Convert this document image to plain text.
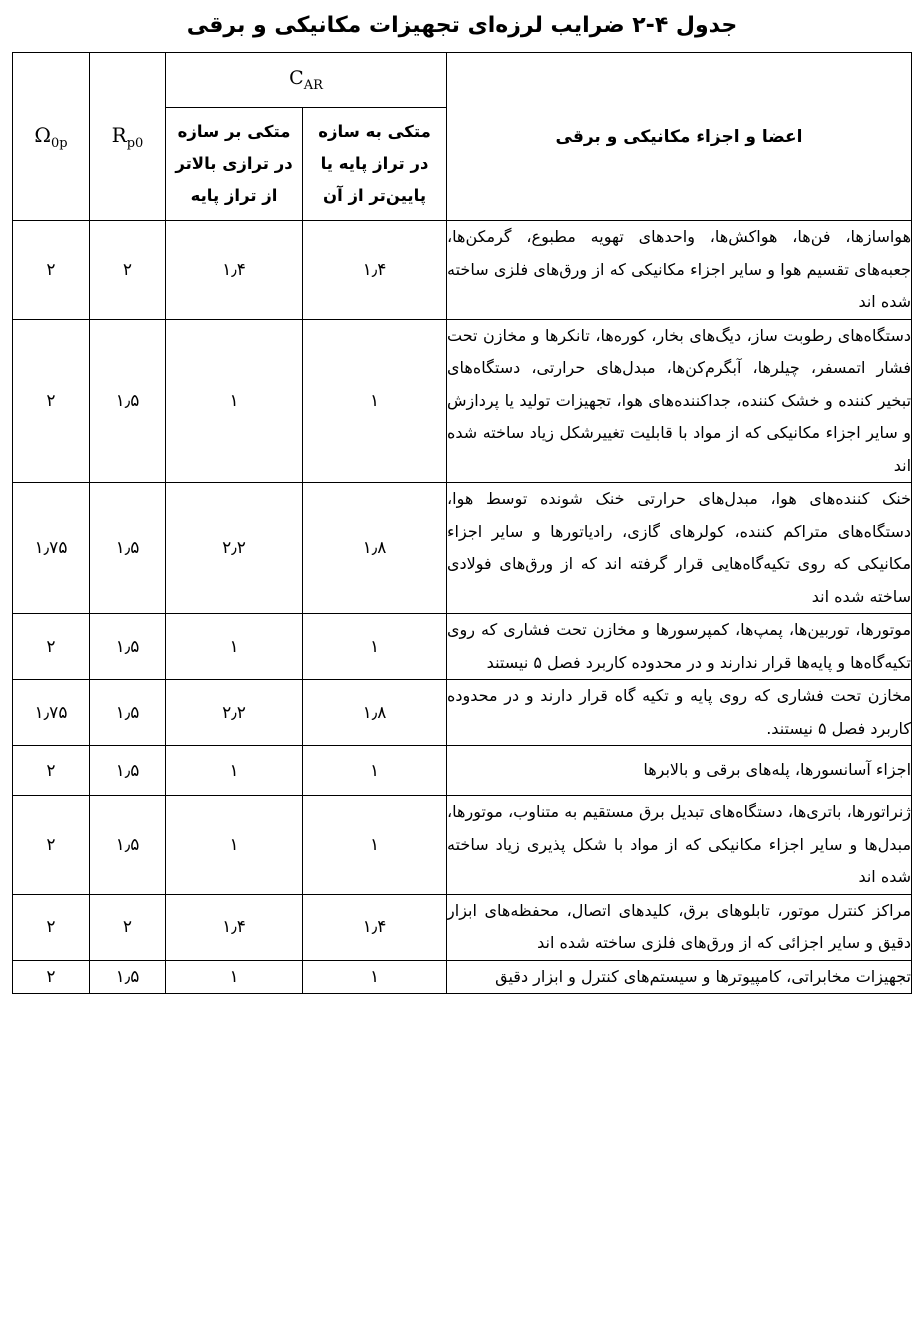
جدول ۴-۲ ضرایب لرزه‌ای تجهیزات مکانیکی و برقی
اعضا و اجزاء مکانیکی و برقی	$C_{AR}$		$R_{p0}$	$\Omega_{0p}$
	متکی به سازه
در تراز پایه یا
پایین‌تر از آن	متکی بر سازه
در ترازی بالاتر
از تراز پایه		
هواسازها، فن‌ها، هواکش‌ها، واحدهای تهویه مطبوع، گرمکن‌ها، جعبه‌های تقسیم هوا و سایر اجزاء مکانیکی که از ورق‌های فلزی ساخته شده اند	۱٫۴	۱٫۴	۲	۲
دستگاه‌های رطوبت ساز، دیگ‌های بخار، کوره‌ها، تانکرها و مخازن تحت فشار اتمسفر، چیلرها، آبگرم‌کن‌ها، مبدل‌های حرارتی، دستگاه‌های تبخیر کننده و خشک کننده، جداکننده‌های هوا، تجهیزات تولید یا پردازش و سایر اجزاء مکانیکی که از مواد با قابلیت تغییرشکل زیاد ساخته شده اند	۱	۱	۱٫۵	۲
خنک کننده‌های هوا، مبدل‌های حرارتی خنک شونده توسط هوا، دستگاه‌های متراکم کننده، کولرهای گازی، رادیاتورها و سایر اجزاء مکانیکی که روی تکیه‌گاه‌هایی قرار گرفته اند که از ورق‌های فولادی ساخته شده اند	۱٫۸	۲٫۲	۱٫۵	۱٫۷۵
موتورها، توربین‌ها، پمپ‌ها، کمپرسورها و مخازن تحت فشاری که روی تکیه‌گاه‌ها و پایه‌ها قرار ندارند و در محدوده کاربرد فصل ۵ نیستند	۱	۱	۱٫۵	۲
مخازن تحت فشاری که روی پایه و تکیه گاه قرار دارند و در محدوده کاربرد فصل ۵ نیستند.	۱٫۸	۲٫۲	۱٫۵	۱٫۷۵
اجزاء آسانسورها، پله‌های برقی و بالابرها	۱	۱	۱٫۵	۲
ژنراتورها، باتری‌ها، دستگاه‌های تبدیل برق مستقیم به متناوب، موتورها، مبدل‌ها و سایر اجزاء مکانیکی که از مواد با شکل پذیری زیاد ساخته شده اند	۱	۱	۱٫۵	۲
مراکز کنترل موتور، تابلوهای برق، کلیدهای اتصال، محفظه‌های ابزار دقیق و سایر اجزائی که از ورق‌های فلزی ساخته شده اند	۱٫۴	۱٫۴	۲	۲
تجهیزات مخابراتی، کامپیوترها و سیستم‌های کنترل و ابزار دقیق	۱	۱	۱٫۵	۲
